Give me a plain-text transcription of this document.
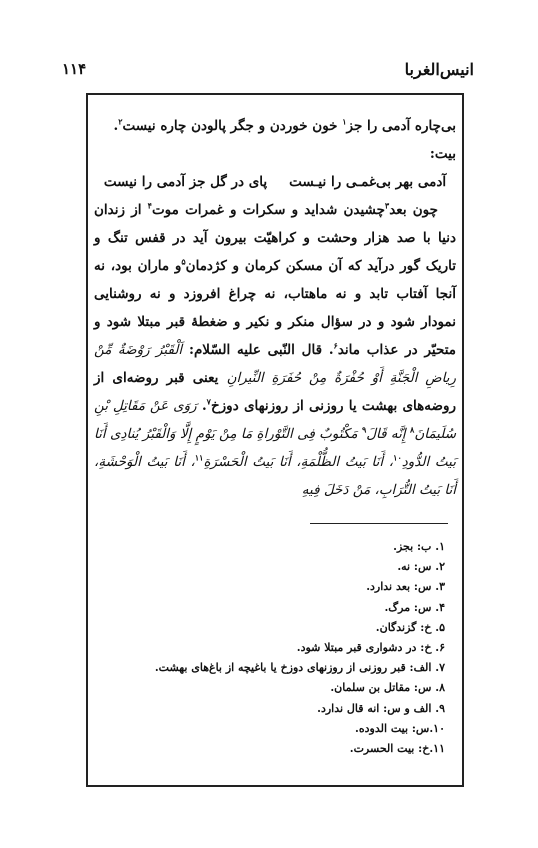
انیس‌الغربا
۱۱۴

بی‌چاره آدمی را جز$^۱$ خون خوردن و جگر پالودن چاره نیست$^۲$.

بیت:

آدمی بهر بی‌غمـی را نیـست
پای در گل جز آدمی را نیست

چون بعد$^۳$چشیدن شداید و سکرات و غمرات موت$^۴$ از زندان دنیا با صد هزار وحشت و کراهیّت بیرون آید در قفس تنگ و تاریک گور درآید که آن مسکن کرمان و کژدمان$^۵$و ماران بود، نه آنجا آفتاب تابد و نه ماهتاب، نه چراغ افروزد و نه روشنایی نمودار شود و در سؤال منکر و نکیر و ضغطهٔ قبر مبتلا شود و متحیّر در عذاب ماند$^۶$. قال النّبی علیه السّلام: اَلْقَبْرُ رَوْضَةٌ مِّنْ رِیاضِ الْجَنَّةِ أَوْ حُفْرَةٌ مِنْ حُفَرَةِ النِّیرانِ یعنی قبر روضه‌ای از روضه‌های بهشت یا روزنی از روزنهای دوزخ$^۷$. رَوَی عَنْ مَقَاتِلِ بْنِ سُلَیمَانَ$^۸$ إِنَّه قَالَ$^۹$ مَکْتُوبٌ فِی التَّوْراةِ مَا مِنْ یَوْمٍ إِلَّا وَالْقَبْرُ یُنادِی أَنَا بَیتُ الدُّودِ$^{۱۰}$، أَنَا بَیتُ الظُّلْمَةِ، أَنَا بَیتُ الْحَسْرَةِ$^{۱۱}$، أَنَا بَیتُ الْوَحْشَةِ، أَنَا بَیتُ التُّرَابِ، مَنْ دَخَلَ فِیهِ

۱. ب: بجز.
۲. س: نه.
۳. س: بعد ندارد.
۴. س: مرگ.
۵. خ: گزندگان.
۶. خ: در دشواری قبر مبتلا شود.
۷. الف: قبر روزنی از روزنهای دوزخ یا باغیچه از باغ‌های بهشت.
۸. س: مقاتل بن سلمان.
۹. الف و س: انه قال ندارد.
۱۰.س: بیت الدوده.
۱۱.خ: بیت الحسرت.
